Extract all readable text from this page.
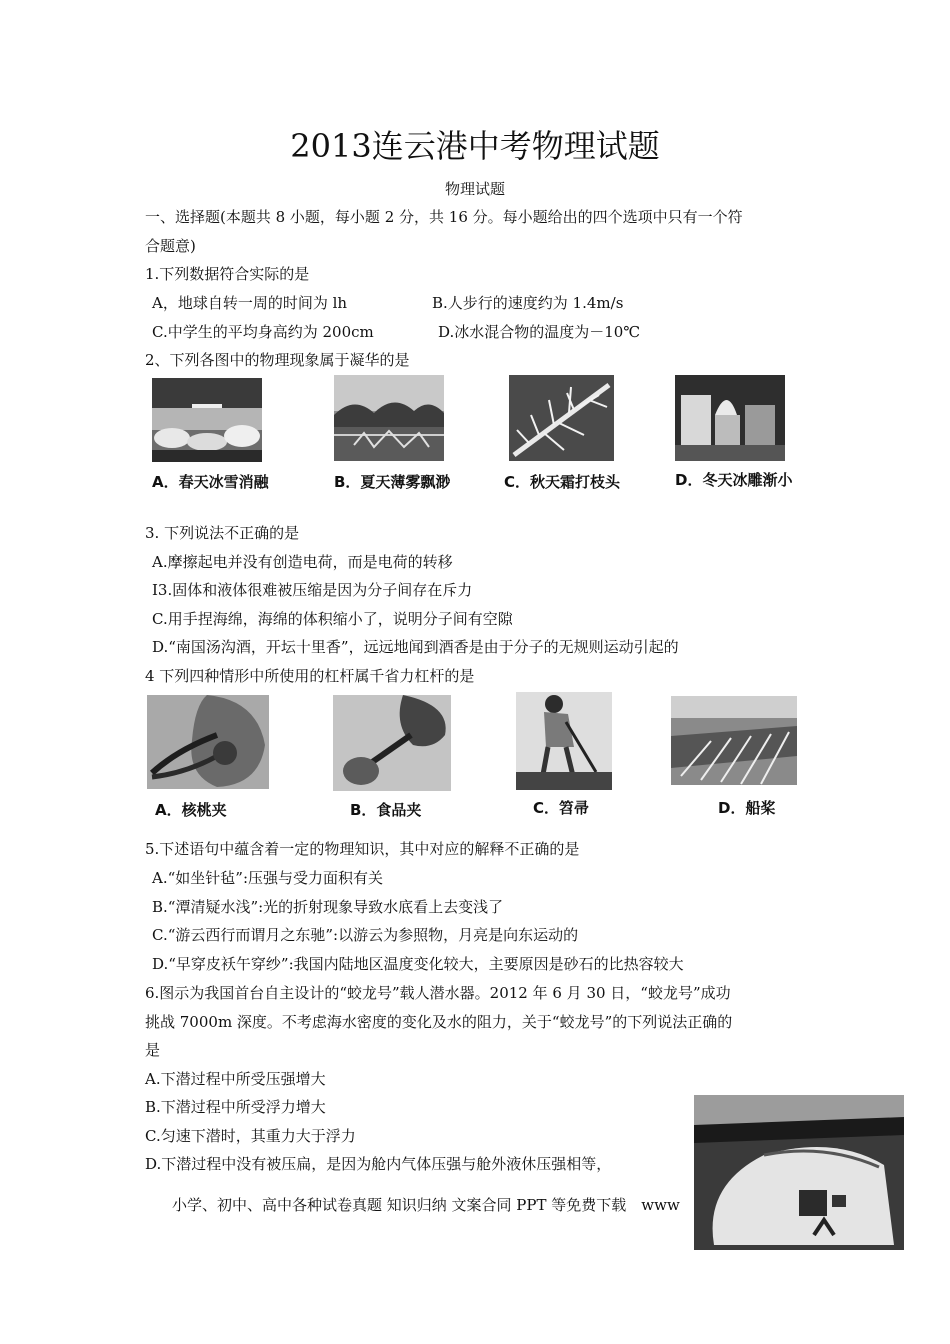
2013连云港中考物理试题
物理试题
一、选择题(本题共 8 小题，每小题 2 分，共 16 分。每小题给出的四个选项中只有一个符
合题意)
1.下列数据符合实际的是
A，地球自转一周的时间为 lh	B.人步行的速度约为 1.4m/s
C.中学生的平均身高约为 200cm	D.冰水混合物的温度为－10℃
2、下列各图中的物理现象属于凝华的是
A．春天冰雪消融	B．夏天薄雾飘渺	C．秋天霜打枝头	D．冬天冰雕渐小
3. 下列说法不正确的是
A.摩擦起电并没有创造电荷，而是电荷的转移
I3.固体和液体很难被压缩是因为分子间存在斥力
C.用手捏海绵，海绵的体积缩小了，说明分子间有空隙
D.“南国汤沟酒，开坛十里香”，远远地闻到酒香是由于分子的无规则运动引起的
4 下列四种情形中所使用的杠杆属千省力杠杆的是
A．核桃夹	B．食品夹	C．笤帚	D．船桨
5.下述语句中蕴含着一定的物理知识，其中对应的解释不正确的是
A.“如坐针毡”:压强与受力面积有关
B.“潭清疑水浅”:光的折射现象导致水底看上去变浅了
C.“游云西行而谓月之东驰”:以游云为参照物，月亮是向东运动的
D.“早穿皮袄午穿纱”:我国内陆地区温度变化较大，主要原因是砂石的比热容较大
6.图示为我国首台自主设计的“蛟龙号”载人潜水器。2012 年 6 月 30 日，“蛟龙号”成功
挑战 7000m 深度。不考虑海水密度的变化及水的阻力，关于“蛟龙号”的下列说法正确的
是
A.下潜过程中所受压强增大
B.下潜过程中所受浮力增大
C.匀速下潜时，其重力大于浮力
D.下潜过程中没有被压扁，是因为舱内气体压强与舱外液休压强相等，
小学、初中、高中各种试卷真题 知识归纳 文案合同 PPT 等免费下载　www
